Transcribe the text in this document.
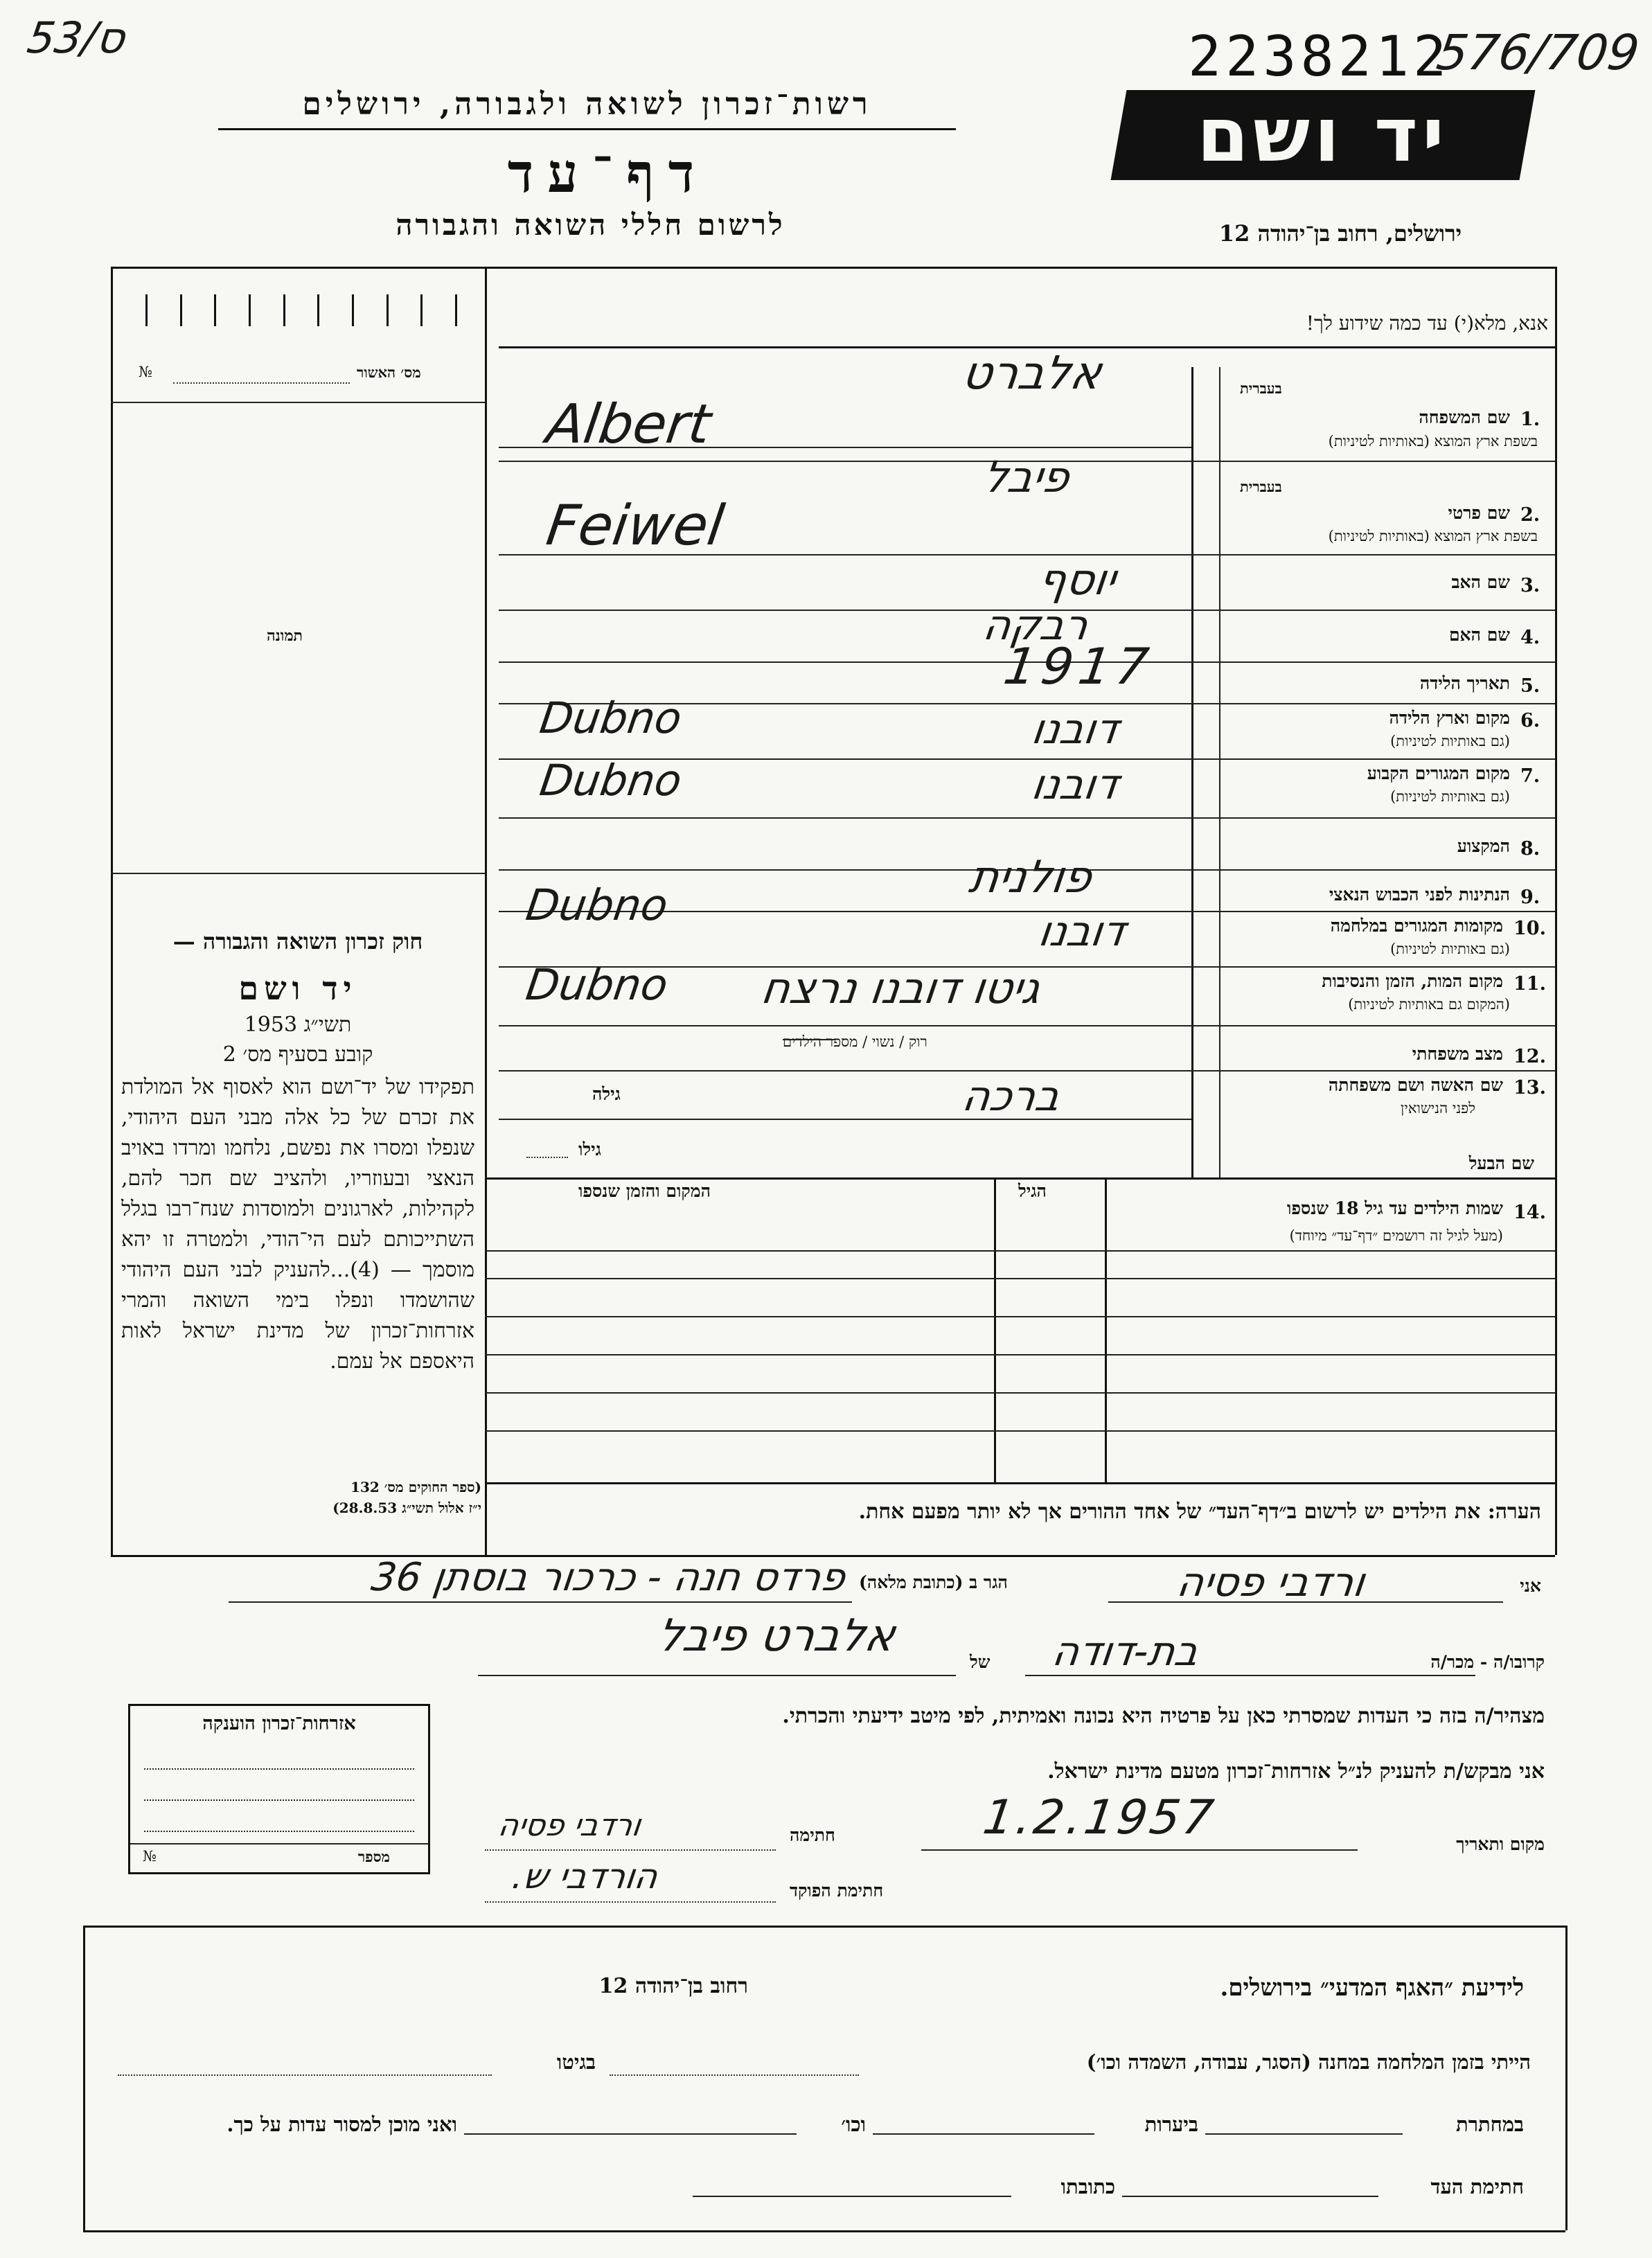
53/ס	2238212
576/709
רשות־זכרון לשואה ולגבורה, ירושלים
דף־עד
לרשום חללי השואה והגבורה
יד ושם
ירושלים, רחוב בן־יהודה 12
מס׳ האשור
№
תמונה
חוק זכרון השואה והגבורה —
יד ושם
תשי״ג 1953
קובע בסעיף מס׳ 2
תפקידו של יד־ושם הוא לאסוף אל המולדת את זכרם של כל אלה מבני העם היהודי, שנפלו ומסרו את נפשם, נלחמו ומרדו באויב הנאצי ובעוזריו, ולהציב שם חכר להם, לקהילות, לארגונים ולמוסדות שנח־רבו בגלל השתייכותם לעם הי־הודי, ולמטרה זו יהא מוסמך — (4)...להעניק לבני העם היהודי שהושמדו ונפלו בימי השואה והמרי אזרחות־זכרון של מדינת ישראל לאות היאספם אל עמם.
(ספר החוקים מס׳ 132
י״ז אלול תשי״ג 28.8.53)
אנא, מלא(י) עד כמה שידוע לך!
בעברית
1.
שם המשפחה
בשפת ארץ המוצא (באותיות לטיניות)
אלברט
Albert
בעברית
2.
שם פרטי
בשפת ארץ המוצא (באותיות לטיניות)
פיבל
Feiwel
3.
שם האב
יוסף
4.
שם האם
רבקה
5.
תאריך הלידה
1917
6.
מקום וארץ הלידה
(גם באותיות לטיניות)
דובנו
Dubno
7.
מקום המגורים הקבוע
(גם באותיות לטיניות)
דובנו
Dubno
8.
המקצוע
9.
הנתינות לפני הכבוש הנאצי
פולנית
10.
מקומות המגורים במלחמה
(גם באותיות לטיניות)
דובנו
Dubno
11.
מקום המות, הזמן והנסיבות
(המקום גם באותיות לטיניות)
גיטו דובנו נרצח
Dubno
12.
מצב משפחתי
רוק / נשוי / מספר הילדים
13.
שם האשה ושם משפחתה
לפני הנישואין
ברכה
גילה
גילו
שם הבעל
14.
שמות הילדים עד גיל 18 שנספו
(מעל לגיל זה רושמים ״דף־עד״ מיוחד)
הגיל
המקום והזמן שנספו
הערה: את הילדים יש לרשום ב״דף־העד״ של אחד ההורים אך לא יותר מפעם אחת.
אני
ורדבי פסיה
הגר ב (כתובת מלאה)
פרדס חנה - כרכור בוסתן 36
קרובו/ה - מכר/ה
בת-דודה
של
אלברט פיבל
מצהיר/ה בזה כי העדות שמסרתי כאן על פרטיה היא נכונה ואמיתית, לפי מיטב ידיעתי והכרתי.
אני מבקש/ת להעניק לנ״ל אזרחות־זכרון מטעם מדינת ישראל.
מקום ותאריך
1.2.1957
חתימה
ורדבי פסיה
חתימת הפוקד
הורדבי ש.
אזרחות־זכרון הוענקה
מספר
№
לידיעת ״האגף המדעי״ בירושלים.
רחוב בן־יהודה 12
הייתי בזמן המלחמה במחנה (הסגר, עבודה, השמדה וכו׳)
בגיטו
במחתרת
ביערות
וכו׳
ואני מוכן למסור עדות על כך.
חתימת העד
כתובתו
